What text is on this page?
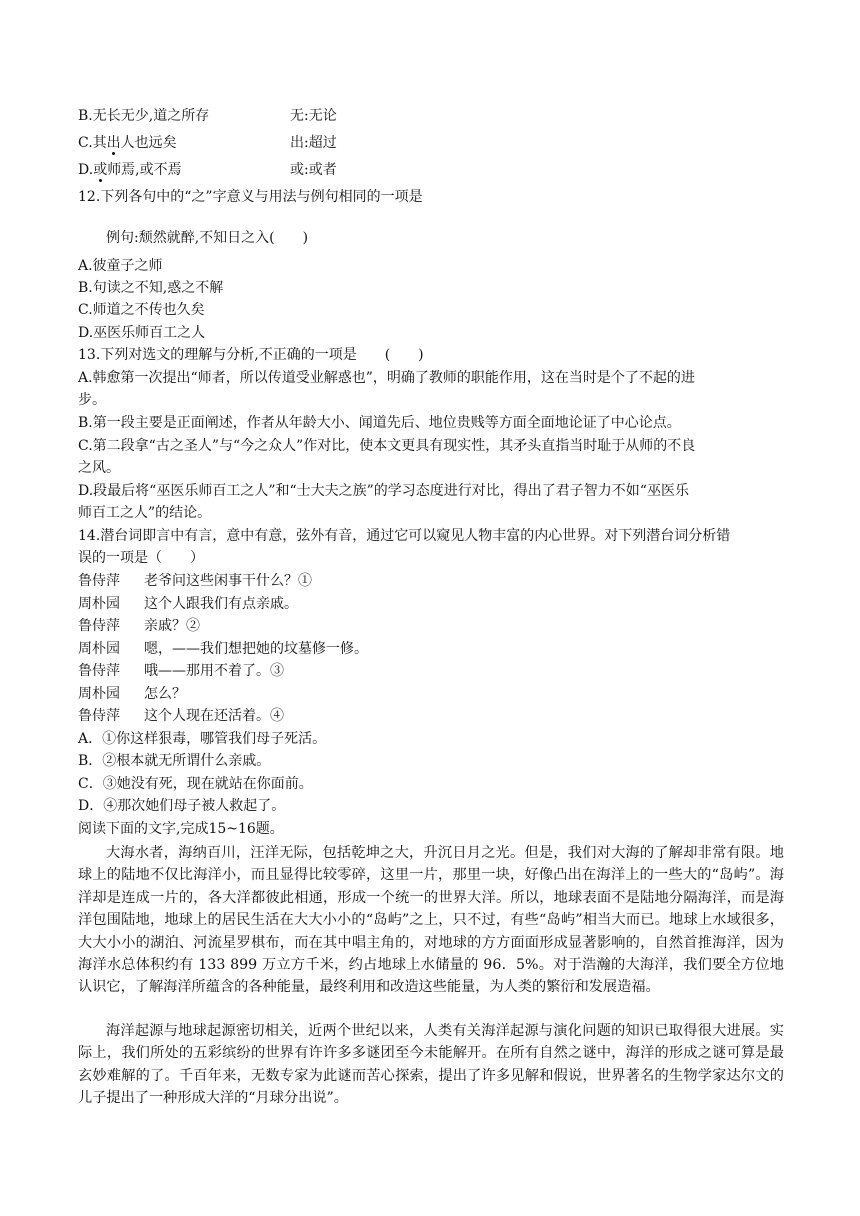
B.无长无少,道之所存	无:无论
C.其出人也远矣	出:超过
D.或师焉,或不焉	或:或者
12.下列各句中的“之”字意义与用法与例句相同的一项是
例句:颓然就醉,不知日之入(　　)
A.彼童子之师
B.句读之不知,惑之不解
C.师道之不传也久矣
D.巫医乐师百工之人
13.下列对选文的理解与分析,不正确的一项是　　(　　)
A.韩愈第一次提出“师者，所以传道受业解惑也”，明确了教师的职能作用，这在当时是个了不起的进
步。
B.第一段主要是正面阐述，作者从年龄大小、闻道先后、地位贵贱等方面全面地论证了中心论点。
C.第二段拿“古之圣人”与“今之众人”作对比，使本文更具有现实性，其矛头直指当时耻于从师的不良
之风。
D.段最后将“巫医乐师百工之人”和“士大夫之族”的学习态度进行对比，得出了君子智力不如“巫医乐
师百工之人”的结论。
14.潜台词即言中有言，意中有意，弦外有音，通过它可以窥见人物丰富的内心世界。对下列潜台词分析错
误的一项是（　　）
鲁侍萍 老爷问这些闲事干什么？①
周朴园 这个人跟我们有点亲戚。
鲁侍萍 亲戚？②
周朴园 嗯，——我们想把她的坟墓修一修。
鲁侍萍 哦——那用不着了。③
周朴园 怎么？
鲁侍萍 这个人现在还活着。④
A．①你这样狠毒，哪管我们母子死活。
B．②根本就无所谓什么亲戚。
C．③她没有死，现在就站在你面前。
D．④那次她们母子被人救起了。
阅读下面的文字,完成15~16题。
大海水者，海纳百川，汪洋无际，包括乾坤之大，升沉日月之光。但是，我们对大海的了解却非常有限。地球上的陆地不仅比海洋小，而且显得比较零碎，这里一片，那里一块，好像凸出在海洋上的一些大的“岛屿”。海洋却是连成一片的，各大洋都彼此相通，形成一个统一的世界大洋。所以，地球表面不是陆地分隔海洋，而是海洋包围陆地，地球上的居民生活在大大小小的“岛屿”之上，只不过，有些“岛屿”相当大而已。地球上水域很多，大大小小的湖泊、河流星罗棋布，而在其中唱主角的，对地球的方方面面形成显著影响的，自然首推海洋，因为海洋水总体积约有 133 899 万立方千米，约占地球上水储量的 96．5%。对于浩瀚的大海洋，我们要全方位地认识它，了解海洋所蕴含的各种能量，最终利用和改造这些能量，为人类的繁衍和发展造福。
海洋起源与地球起源密切相关，近两个世纪以来，人类有关海洋起源与演化问题的知识已取得很大进展。实际上，我们所处的五彩缤纷的世界有许许多多谜团至今未能解开。在所有自然之谜中，海洋的形成之谜可算是最玄妙难解的了。千百年来，无数专家为此谜而苦心探索，提出了许多见解和假说，世界著名的生物学家达尔文的儿子提出了一种形成大洋的“月球分出说”。
